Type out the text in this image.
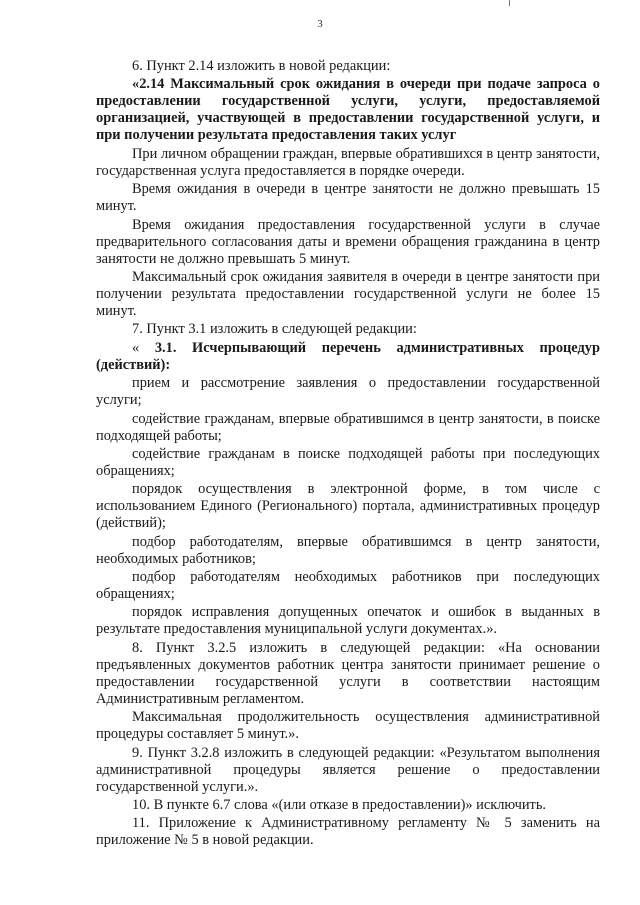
3

6. Пункт 2.14 изложить в новой редакции:

«2.14 Максимальный срок ожидания в очереди при подаче запроса о предоставлении государственной услуги, услуги, предоставляемой организацией, участвующей в предоставлении государственной услуги, и при получении результата предоставления таких услуг

При личном обращении граждан, впервые обратившихся в центр занятости, государственная услуга предоставляется в порядке очереди.

Время ожидания в очереди в центре занятости не должно превышать 15 минут.

Время ожидания предоставления государственной услуги в случае предварительного согласования даты и времени обращения гражданина в центр занятости не должно превышать 5 минут.

Максимальный срок ожидания заявителя в очереди в центре занятости при получении результата предоставлении государственной услуги не более 15 минут.

7. Пункт 3.1 изложить в следующей редакции:

« 3.1. Исчерпывающий перечень административных процедур (действий):

прием и рассмотрение заявления о предоставлении государственной услуги;

содействие гражданам, впервые обратившимся в центр занятости, в поиске подходящей работы;

содействие гражданам в поиске подходящей работы при последующих обращениях;

порядок осуществления в электронной форме, в том числе с использованием Единого (Регионального) портала, административных процедур (действий);

подбор работодателям, впервые обратившимся в центр занятости, необходимых работников;

подбор работодателям необходимых работников при последующих обращениях;

порядок исправления допущенных опечаток и ошибок в выданных в результате предоставления муниципальной услуги документах.».

8. Пункт 3.2.5 изложить в следующей редакции: «На основании предъявленных документов работник центра занятости принимает решение о предоставлении государственной услуги в соответствии настоящим Административным регламентом.

Максимальная продолжительность осуществления административной процедуры составляет 5 минут.».

9. Пункт 3.2.8 изложить в следующей редакции: «Результатом выполнения административной процедуры является решение о предоставлении государственной услуги.».

10. В пункте 6.7 слова «(или отказе в предоставлении)» исключить.

11. Приложение к Административному регламенту № 5 заменить на приложение № 5 в новой редакции.
